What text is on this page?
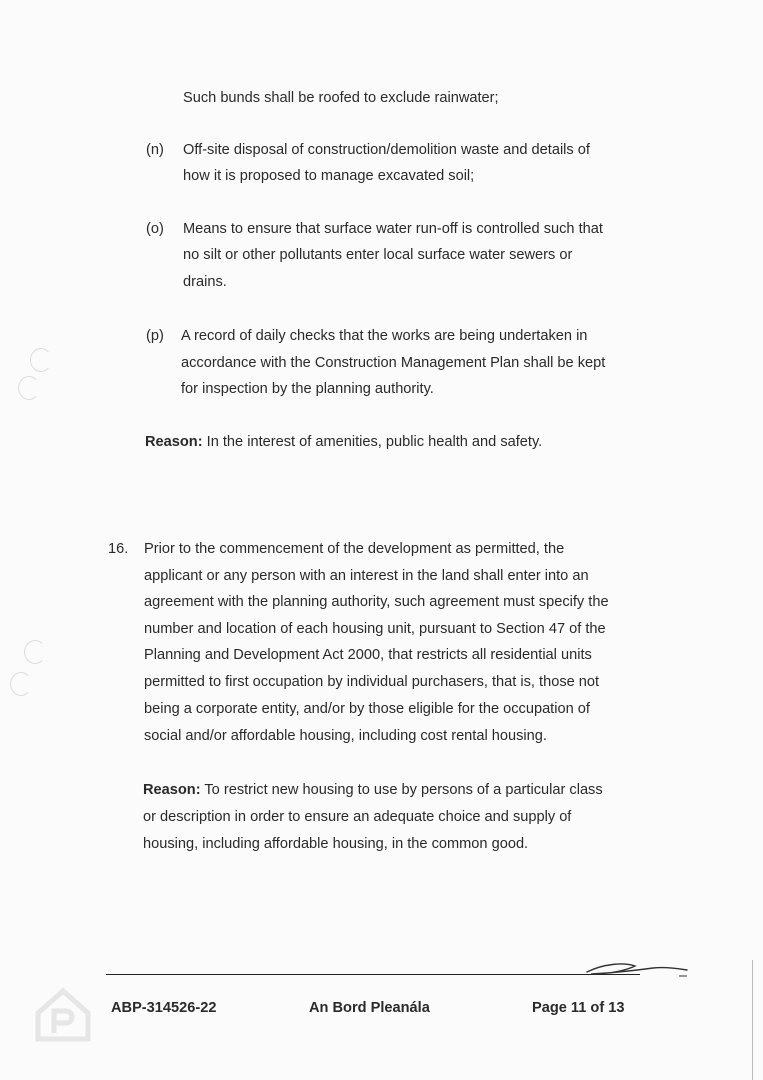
Such bunds shall be roofed to exclude rainwater;
(n) Off-site disposal of construction/demolition waste and details of
how it is proposed to manage excavated soil;
(o) Means to ensure that surface water run-off is controlled such that
no silt or other pollutants enter local surface water sewers or
drains.
(p) A record of daily checks that the works are being undertaken in
accordance with the Construction Management Plan shall be kept
for inspection by the planning authority.
Reason: In the interest of amenities, public health and safety.
16. Prior to the commencement of the development as permitted, the
applicant or any person with an interest in the land shall enter into an
agreement with the planning authority, such agreement must specify the
number and location of each housing unit, pursuant to Section 47 of the
Planning and Development Act 2000, that restricts all residential units
permitted to first occupation by individual purchasers, that is, those not
being a corporate entity, and/or by those eligible for the occupation of
social and/or affordable housing, including cost rental housing.
Reason: To restrict new housing to use by persons of a particular class
or description in order to ensure an adequate choice and supply of
housing, including affordable housing, in the common good.
ABP-314526-22	An Bord Pleanála	Page 11 of 13
